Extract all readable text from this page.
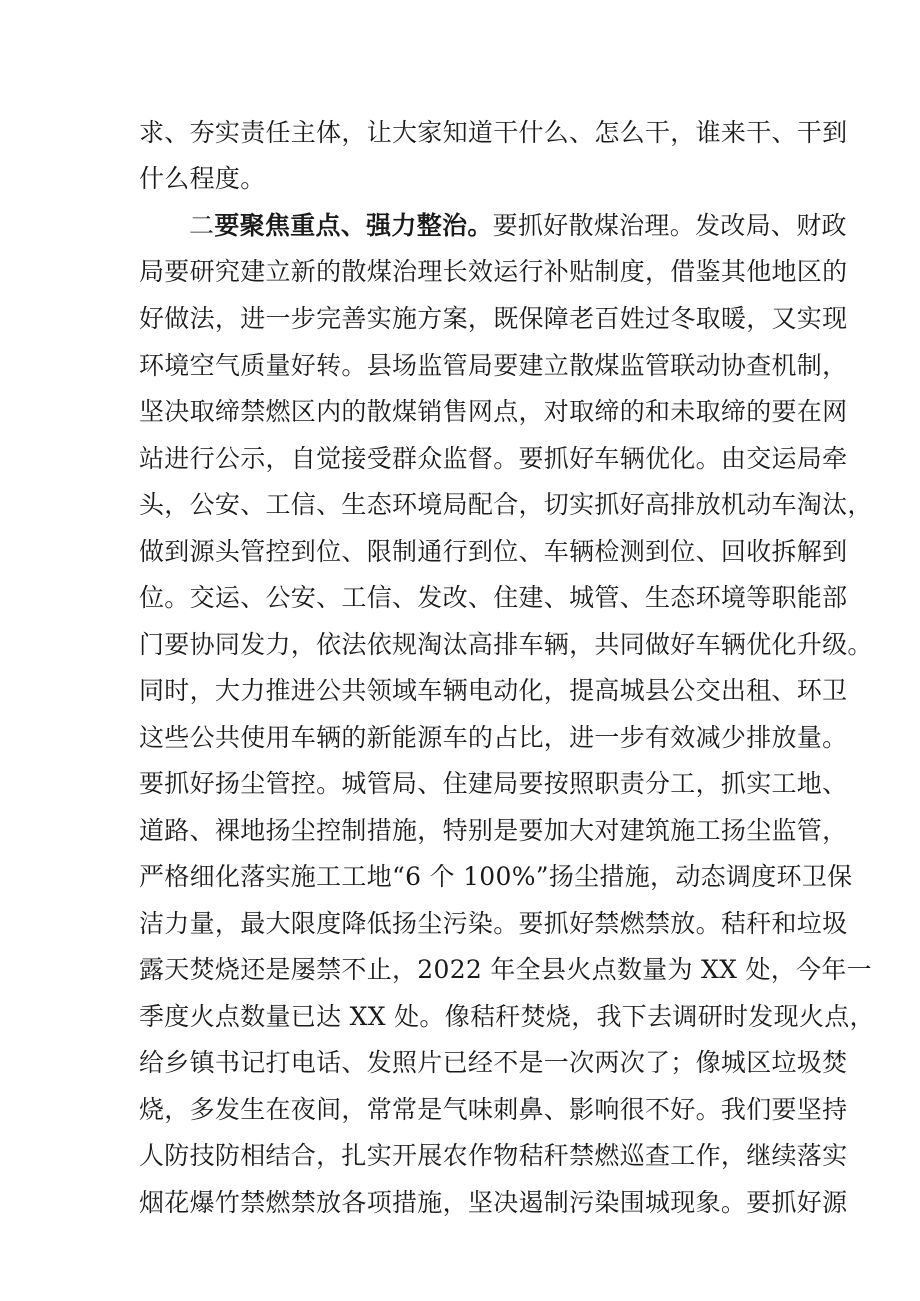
求、夯实责任主体，让大家知道干什么、怎么干，谁来干、干到
什么程度。
二要聚焦重点、强力整治。要抓好散煤治理。发改局、财政
局要研究建立新的散煤治理长效运行补贴制度，借鉴其他地区的
好做法，进一步完善实施方案，既保障老百姓过冬取暖，又实现
环境空气质量好转。县场监管局要建立散煤监管联动协查机制，
坚决取缔禁燃区内的散煤销售网点，对取缔的和未取缔的要在网
站进行公示，自觉接受群众监督。要抓好车辆优化。由交运局牵
头，公安、工信、生态环境局配合，切实抓好高排放机动车淘汰，
做到源头管控到位、限制通行到位、车辆检测到位、回收拆解到
位。交运、公安、工信、发改、住建、城管、生态环境等职能部
门要协同发力，依法依规淘汰高排车辆，共同做好车辆优化升级。
同时，大力推进公共领域车辆电动化，提高城县公交出租、环卫
这些公共使用车辆的新能源车的占比，进一步有效减少排放量。
要抓好扬尘管控。城管局、住建局要按照职责分工，抓实工地、
道路、裸地扬尘控制措施，特别是要加大对建筑施工扬尘监管，
严格细化落实施工工地“6 个 100%”扬尘措施，动态调度环卫保
洁力量，最大限度降低扬尘污染。要抓好禁燃禁放。秸秆和垃圾
露天焚烧还是屡禁不止，2022 年全县火点数量为 XX 处，今年一
季度火点数量已达 XX 处。像秸秆焚烧，我下去调研时发现火点，
给乡镇书记打电话、发照片已经不是一次两次了；像城区垃圾焚
烧，多发生在夜间，常常是气味刺鼻、影响很不好。我们要坚持
人防技防相结合，扎实开展农作物秸秆禁燃巡查工作，继续落实
烟花爆竹禁燃禁放各项措施，坚决遏制污染围城现象。要抓好源
